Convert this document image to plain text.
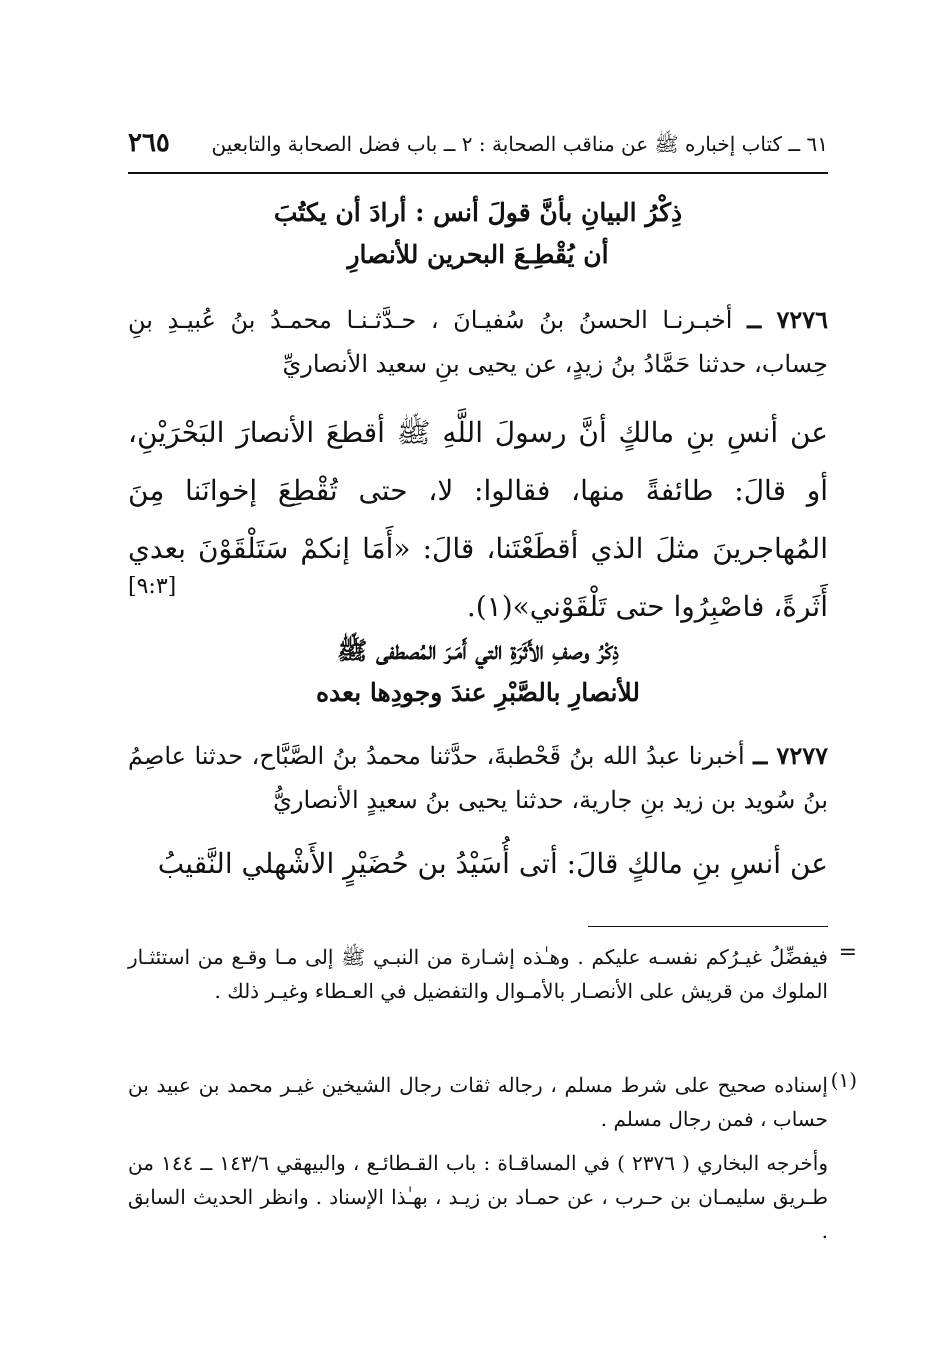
٢٦٥ ٦١ ــ كتاب إخباره ﷺ عن مناقب الصحابة : ٢ ــ باب فضل الصحابة والتابعين
ذِكْرُ البيانِ بأنَّ قولَ أنس : أرادَ أن يكتُبَ
أن يُقْطِـعَ البحرين للأنصارِ
٧٢٧٦ ــ أخبـرنـا الحسنُ بنُ سُفيـانَ ، حـدَّثـنـا محمـدُ بنُ عُبيـدِ بنِ حِساب، حدثنا حَمَّادُ بنُ زيدٍ، عن يحيى بنِ سعيد الأنصاريِّ
عن أنسِ بنِ مالكٍ أنَّ رسولَ اللَّهِ ﷺ أقطعَ الأنصارَ البَحْرَيْنِ، أو قالَ: طائفةً منها، فقالوا: لا، حتى تُقْطِعَ إخوانَنا مِنَ المُهاجرينَ مثلَ الذي أقطَعْتَنا، قالَ: «أَمَا إنكمْ سَتَلْقَوْنَ بعدي أَثَرةً، فاصْبِرُوا حتى تَلْقَوْني»(١).
[٩:٣]
ذِكْرُ وصفِ الأَثَرَةِ التي أَمَـرَ المُصطفى ﷺ
للأنصارِ بالصَّبْرِ عندَ وجودِها بعده
٧٢٧٧ ــ أخبرنا عبدُ الله بنُ قَحْطبةَ، حدَّثنا محمدُ بنُ الصَّبَّاح، حدثنا عاصِمُ بنُ سُويد بن زيد بنِ جارية، حدثنا يحيى بنُ سعيدٍ الأنصاريُّ
عن أنسِ بنِ مالكٍ قالَ: أتى أُسَيْدُ بن حُضَيْرٍ الأَشْهلي النَّقيبُ
=
فيفضِّلُ غيـرُكم نفسـه عليكم . وهـٰذه إشـارة من النبـي ﷺ إلى مـا وقـع من استئثـار الملوك من قريش على الأنصـار بالأمـوال والتفضيل في العـطاء وغيـر ذلك .
(١)
إسناده صحيح على شرط مسلم ، رجاله ثقات رجال الشيخين غيـر محمد بن عبيد بن حساب ، فمن رجال مسلم .
وأخرجه البخاري ( ٢٣٧٦ ) في المساقـاة : باب القـطائـع ، والبيهقي ١٤٣/٦ ــ ١٤٤ من طـريق سليمـان بن حـرب ، عن حمـاد بن زيـد ، بهـٰذا الإسناد . وانظر الحديث السابق .
